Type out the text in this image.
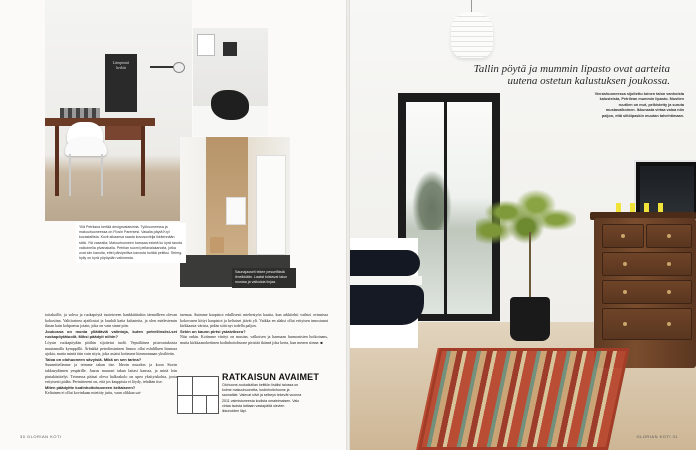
Lämpimiä hetkiä
Yllä Petrilana kertää designvalaisimia. Työhuoneessa ja makuuhuoneessa on Flosin Parentesi. Vasalla päytä Kryl kuvastallista. Kovit aikaansa saada kovosovielja ikkitennään sätä. Ylä vasealla: Makuuhuoneen barssaa estetä ku kyrä tauota valkoinella pivanakalla. Petrilan suomi pellavalakanoita, jotka ovat siin kanoita, ettei päivipeitiva kanosta hoitää peitiksi. Strimg-hylly on kyrä yöpöydän valinnesta.
Saunajaoseli tekee pesuelfästä ilmelkkään. Laatat toistavat talon mustaa ja valkoista linjaa.

toitakoille, ja sohva ja ruokapöytä tuotetrreen hankkittiinkin täemälleen olevan kokosiina. Valttiosinea ajattlostai ja laudalt katta kalusteita, ja olen mielestemin ilman kain kohpaetus jotain, joka on vain sinne piin.

Joukossa on monia yllättäviä valintoja, kuten petrellinsiisi-set ruokapöytätuolit. Miksi päädyit niihin?

Löysin ruokapöydän pöähin sijoitetut tuolit Vepsäläisen pisteoutuksista muutamalla kymppillä. Ärbakkä petrolinsininen linnoo ollat eshdilluen hinnosa ajokia, mutta mintä täin vain sityis, joka asiaisi kotimme kimmonnaan yksilöeän.

Taloa on olohuoneen sävyisiä. Mikä on sen tarina?

Suunnittelimme ja teimme takan itse. Ideoin muodon ja koon Storin takkasydämen ympärille. Jaaras muurari takan laitasi kanssa, ja minä loin pintakäsittelyt. Teimessa pääsai oleva halkoskolo on upea yksityiskohta, joota erityisesti pidän. Perinittereni on, että jos kauppista ei löydy, tehdään itse.

Miten päädyitte kodinhoitohuoneen keltaiseen?

Keltainen ei ollut kovinkaan mietitty juttu, vaan olikkaa sai-

tuemaa. Suimme kaapistot edullisesti miehestyön kautta, kun arkkitehti vaihtoi ovinnissa kokovasen kittyt kaapistot ja keltaiset jäivät yli. Vaikka en alaksi ollut erityisen innostunut kirkkaasta värista, pidän siitä nyt todella paljon.

Sekin on kaunn pirtsi ystaivikseu?

Niin onkin. Kotimme värityt on mustan, valkoisen ja harmaan harmonisten hoikoinans, mutta kirkkaanoketiinen kodinhoitohuone piristää ikäneä joka kerta, kun menen siinne. ■

RATKAISUN AVAIMET
Olohuone-ruokailutilan keittiön lisälisi talossa on kolme makuuhuonetta, kodinhoitohuone ja saunatilat. Vaiecat siivit ja selkeys tekevät vuonna 2011 valmistuneesta kodista omaleimaisen. Valo virtaa isoista lattiaan vastapäitä olevien ikkunoiden läpi.
30 GLORIAN KOTI
Tallin pöytä ja mummin lipasto ovat aarteita uutena ostetun kalustuksen joukossa.
Vierashuoneessa sijoitettu toinen talon vanhoista kalusteista, Petrilean mummin lipasto. Mustien ruutiien on mut, pelkistetty ja suruta mustavalkoinen. Ikkunasta virtaa valoa niin paljon, että siltöipaskin muutan talvehtimaan.
GLORIAN KOTI 31
